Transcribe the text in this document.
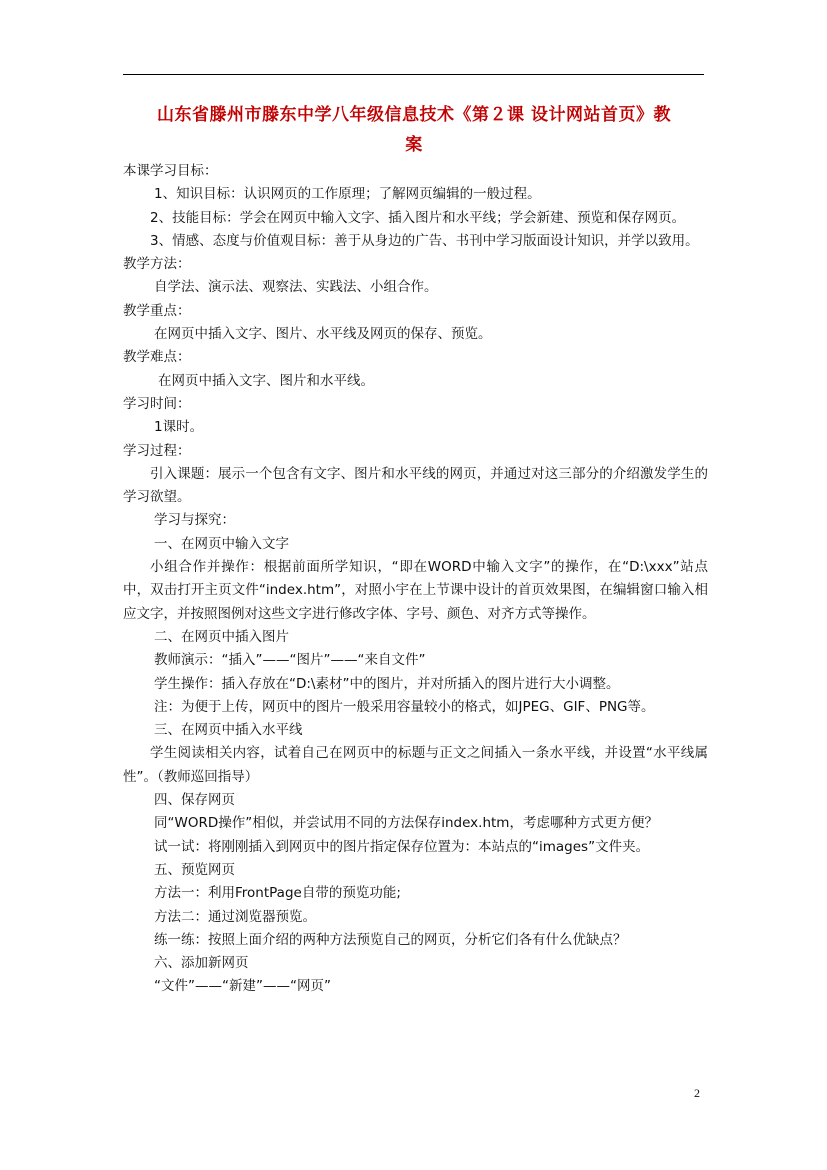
山东省滕州市滕东中学八年级信息技术《第２课 设计网站首页》教
案

本课学习目标：

1、知识目标：认识网页的工作原理；了解网页编辑的一般过程。

2、技能目标：学会在网页中输入文字、插入图片和水平线；学会新建、预览和保存网页。

3、情感、态度与价值观目标：善于从身边的广告、书刊中学习版面设计知识，并学以致用。

教学方法：

自学法、演示法、观察法、实践法、小组合作。

教学重点：

在网页中插入文字、图片、水平线及网页的保存、预览。

教学难点：

在网页中插入文字、图片和水平线。

学习时间：

1课时。

学习过程：

引入课题：展示一个包含有文字、图片和水平线的网页，并通过对这三部分的介绍激发学生的学习欲望。

学习与探究：

一、在网页中输入文字

小组合作并操作：根据前面所学知识，“即在WORD中输入文字”的操作，在“D:\xxx”站点中，双击打开主页文件“index.htm”，对照小宇在上节课中设计的首页效果图，在编辑窗口输入相应文字，并按照图例对这些文字进行修改字体、字号、颜色、对齐方式等操作。

二、在网页中插入图片

教师演示：“插入”——“图片”——“来自文件”

学生操作：插入存放在“D:\素材”中的图片，并对所插入的图片进行大小调整。

注：为便于上传，网页中的图片一般采用容量较小的格式，如JPEG、GIF、PNG等。

三、在网页中插入水平线

学生阅读相关内容，试着自己在网页中的标题与正文之间插入一条水平线，并设置“水平线属性”。（教师巡回指导）

四、保存网页

同“WORD操作”相似，并尝试用不同的方法保存index.htm，考虑哪种方式更方便？

试一试：将刚刚插入到网页中的图片指定保存位置为：本站点的“images”文件夹。

五、预览网页

方法一：利用FrontPage自带的预览功能;

方法二：通过浏览器预览。

练一练：按照上面介绍的两种方法预览自己的网页，分析它们各有什么优缺点？

六、添加新网页

“文件”——“新建”——“网页”

2
